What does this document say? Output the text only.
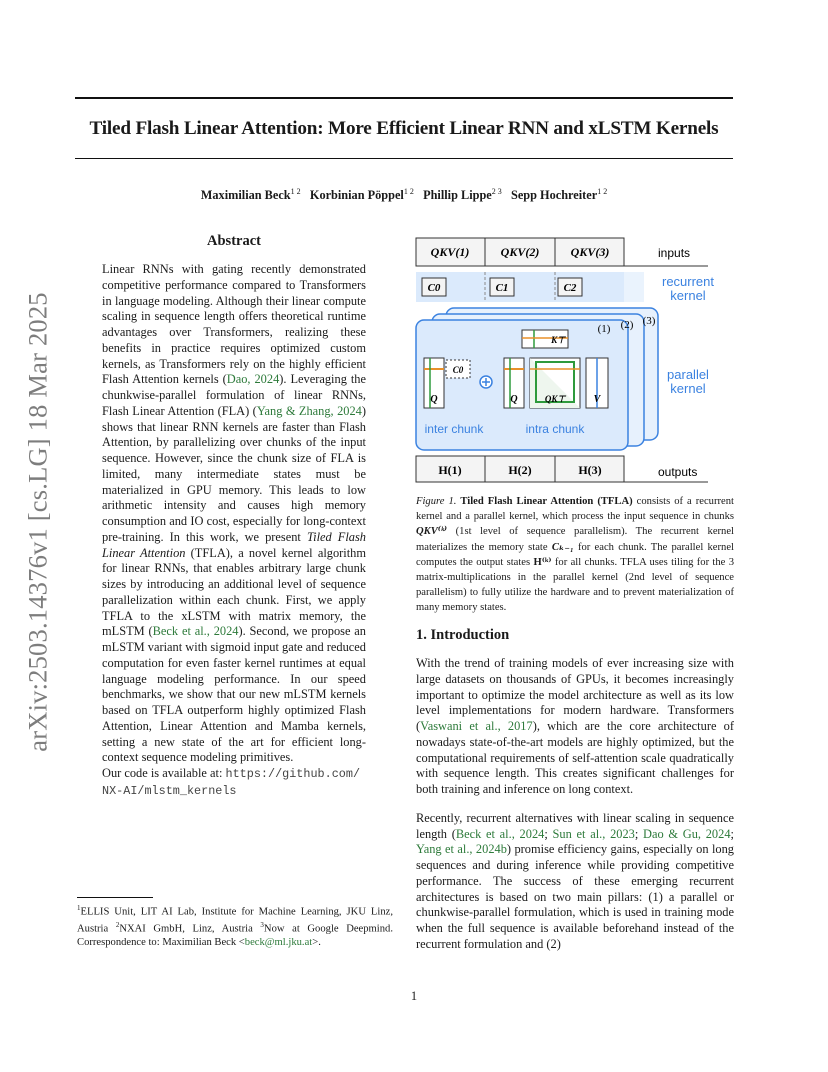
Tiled Flash Linear Attention: More Efficient Linear RNN and xLSTM Kernels
Maximilian Beck$^{1 2}$ Korbinian Pöppel$^{1 2}$ Phillip Lippe$^{2 3}$ Sepp Hochreiter$^{1 2}$
arXiv:2503.14376v1 [cs.LG] 18 Mar 2025
Abstract

Linear RNNs with gating recently demonstrated competitive performance compared to Transformers in language modeling. Although their linear compute scaling in sequence length offers theoretical runtime advantages over Transformers, realizing these benefits in practice requires optimized custom kernels, as Transformers rely on the highly efficient Flash Attention kernels (Dao, 2024). Leveraging the chunkwise-parallel formulation of linear RNNs, Flash Linear Attention (FLA) (Yang & Zhang, 2024) shows that linear RNN kernels are faster than Flash Attention, by parallelizing over chunks of the input sequence. However, since the chunk size of FLA is limited, many intermediate states must be materialized in GPU memory. This leads to low arithmetic intensity and causes high memory consumption and IO cost, especially for long-context pre-training. In this work, we present Tiled Flash Linear Attention (TFLA), a novel kernel algorithm for linear RNNs, that enables arbitrary large chunk sizes by introducing an additional level of sequence parallelization within each chunk. First, we apply TFLA to the xLSTM with matrix memory, the mLSTM (Beck et al., 2024). Second, we propose an mLSTM variant with sigmoid input gate and reduced computation for even faster kernel runtimes at equal language modeling performance. In our speed benchmarks, we show that our new mLSTM kernels based on TFLA outperform highly optimized Flash Attention, Linear Attention and Mamba kernels, setting a new state of the art for efficient long-context sequence modeling primitives.

Our code is available at: https://github.com/NX-AI/mlstm_kernels

$^1$ELLIS Unit, LIT AI Lab, Institute for Machine Learning, JKU Linz, Austria $^2$NXAI GmbH, Linz, Austria $^3$Now at Google Deepmind. Correspondence to: Maximilian Beck <beck@ml.jku.at>.

QKV(1)	QKV(2)	QKV(3)	inputs
C0	C1	C2	recurrent kernel
(1) (2) (3)
parallel kernel
Q
C0
K⊤
Q	QK⊤	V
inter chunk	intra chunk
H(1)	H(2)	H(3)	outputs

Figure 1. Tiled Flash Linear Attention (TFLA) consists of a recurrent kernel and a parallel kernel, which process the input sequence in chunks QKV⁽ᵏ⁾ (1st level of sequence parallelism). The recurrent kernel materializes the memory state Cₖ₋₁ for each chunk. The parallel kernel computes the output states H⁽ᵏ⁾ for all chunks. TFLA uses tiling for the 3 matrix-multiplications in the parallel kernel (2nd level of sequence parallelism) to fully utilize the hardware and to prevent materialization of many memory states.

1. Introduction

With the trend of training models of ever increasing size with large datasets on thousands of GPUs, it becomes increasingly important to optimize the model architecture as well as its low level implementations for modern hardware. Transformers (Vaswani et al., 2017), which are the core architecture of nowadays state-of-the-art models are highly optimized, but the computational requirements of self-attention scale quadratically with sequence length. This creates significant challenges for both training and inference on long context.

Recently, recurrent alternatives with linear scaling in sequence length (Beck et al., 2024; Sun et al., 2023; Dao & Gu, 2024; Yang et al., 2024b) promise efficiency gains, especially on long sequences and during inference while providing competitive performance. The success of these emerging recurrent architectures is based on two main pillars: (1) a parallel or chunkwise-parallel formulation, which is used in training mode when the full sequence is available beforehand instead of the recurrent formulation and (2)

1
